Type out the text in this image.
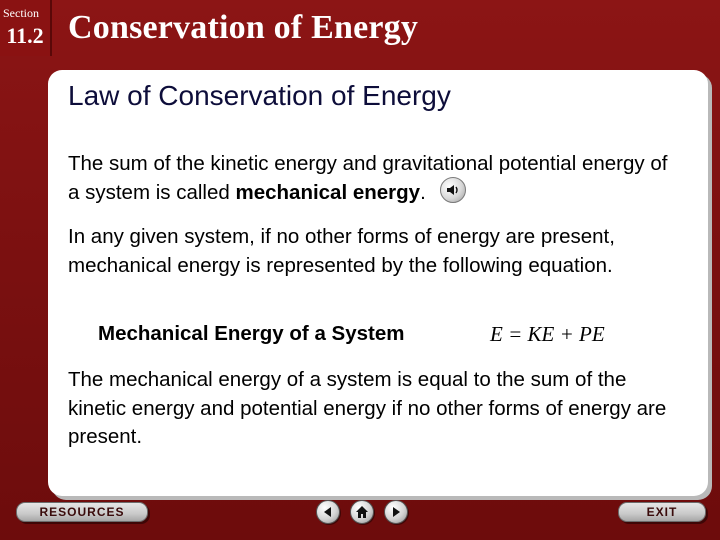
Section
11.2 Conservation of Energy
Law of Conservation of Energy
The sum of the kinetic energy and gravitational potential energy of a system is called mechanical energy.
In any given system, if no other forms of energy are present, mechanical energy is represented by the following equation.
Mechanical Energy of a System	E = KE + PE
The mechanical energy of a system is equal to the sum of the kinetic energy and potential energy if no other forms of energy are present.
RESOURCES	EXIT
